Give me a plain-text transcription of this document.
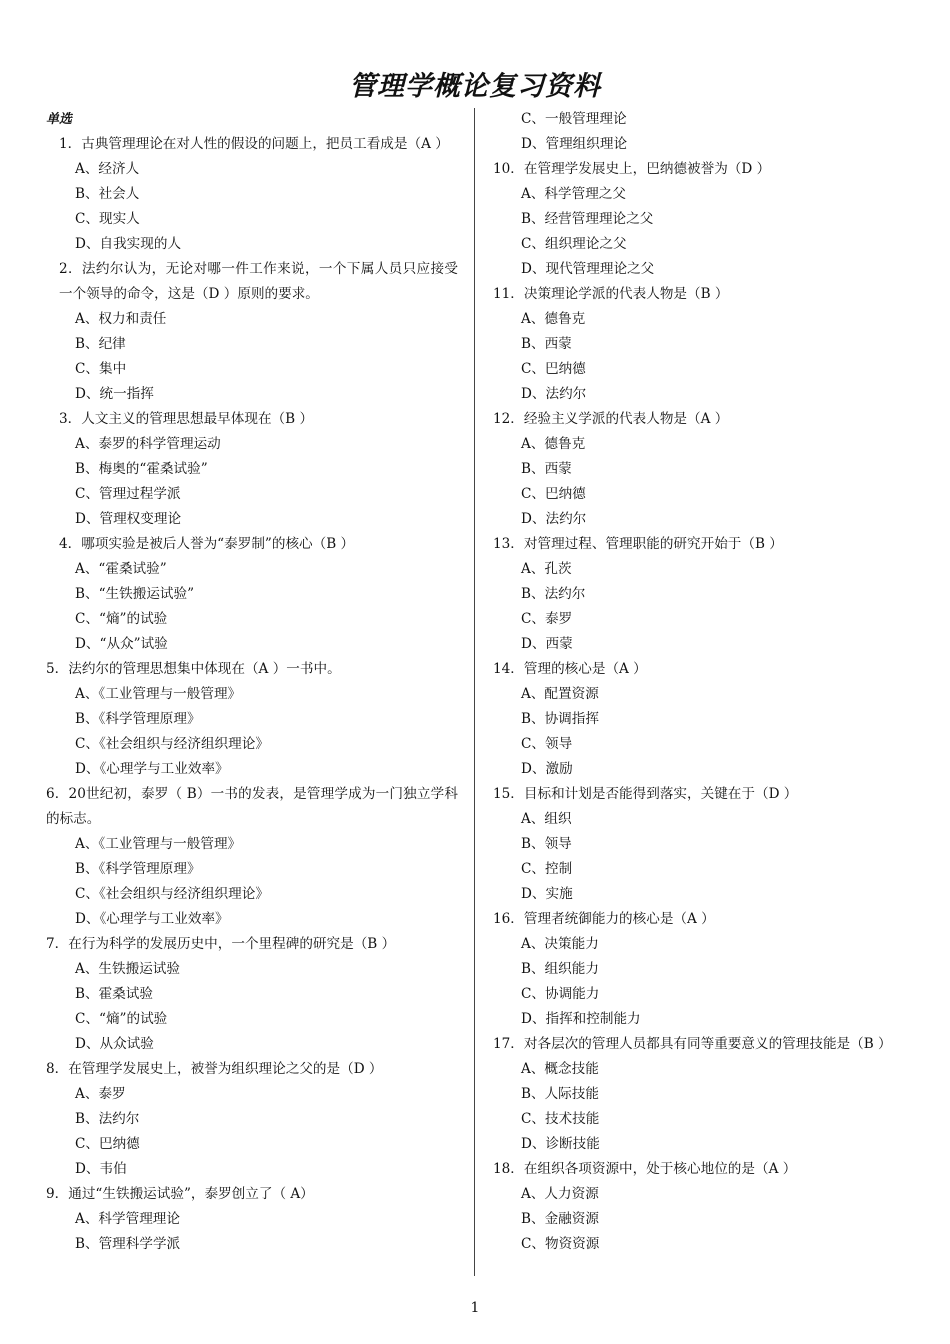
管理学概论复习资料
单选
1．古典管理理论在对人性的假设的问题上，把员工看成是（A ）
A、经济人
B、社会人
C、现实人
D、自我实现的人
2．法约尔认为，无论对哪一件工作来说，一个下属人员只应接受一个领导的命令，这是（D ）原则的要求。
A、权力和责任
B、纪律
C、集中
D、统一指挥
3．人文主义的管理思想最早体现在（B ）
A、泰罗的科学管理运动
B、梅奥的“霍桑试验”
C、管理过程学派
D、管理权变理论
4．哪项实验是被后人誉为“泰罗制”的核心（B ）
A、“霍桑试验”
B、“生铁搬运试验”
C、“熵”的试验
D、“从众”试验
5．法约尔的管理思想集中体现在（A ）一书中。
A、《工业管理与一般管理》
B、《科学管理原理》
C、《社会组织与经济组织理论》
D、《心理学与工业效率》
6．20世纪初，泰罗（ B）一书的发表，是管理学成为一门独立学科的标志。
A、《工业管理与一般管理》
B、《科学管理原理》
C、《社会组织与经济组织理论》
D、《心理学与工业效率》
7．在行为科学的发展历史中，一个里程碑的研究是（B ）
A、生铁搬运试验
B、霍桑试验
C、“熵”的试验
D、从众试验
8．在管理学发展史上，被誉为组织理论之父的是（D ）
A、泰罗
B、法约尔
C、巴纳德
D、韦伯
9．通过“生铁搬运试验”，泰罗创立了（ A）
A、科学管理理论
B、管理科学学派
C、一般管理理论
D、管理组织理论
10．在管理学发展史上，巴纳德被誉为（D ）
A、科学管理之父
B、经营管理理论之父
C、组织理论之父
D、现代管理理论之父
11．决策理论学派的代表人物是（B ）
A、德鲁克
B、西蒙
C、巴纳德
D、法约尔
12．经验主义学派的代表人物是（A ）
A、德鲁克
B、西蒙
C、巴纳德
D、法约尔
13．对管理过程、管理职能的研究开始于（B ）
A、孔茨
B、法约尔
C、泰罗
D、西蒙
14．管理的核心是（A ）
A、配置资源
B、协调指挥
C、领导
D、激励
15．目标和计划是否能得到落实，关键在于（D ）
A、组织
B、领导
C、控制
D、实施
16．管理者统御能力的核心是（A ）
A、决策能力
B、组织能力
C、协调能力
D、指挥和控制能力
17．对各层次的管理人员都具有同等重要意义的管理技能是（B ）
A、概念技能
B、人际技能
C、技术技能
D、诊断技能
18．在组织各项资源中，处于核心地位的是（A ）
A、人力资源
B、金融资源
C、物资资源
1
